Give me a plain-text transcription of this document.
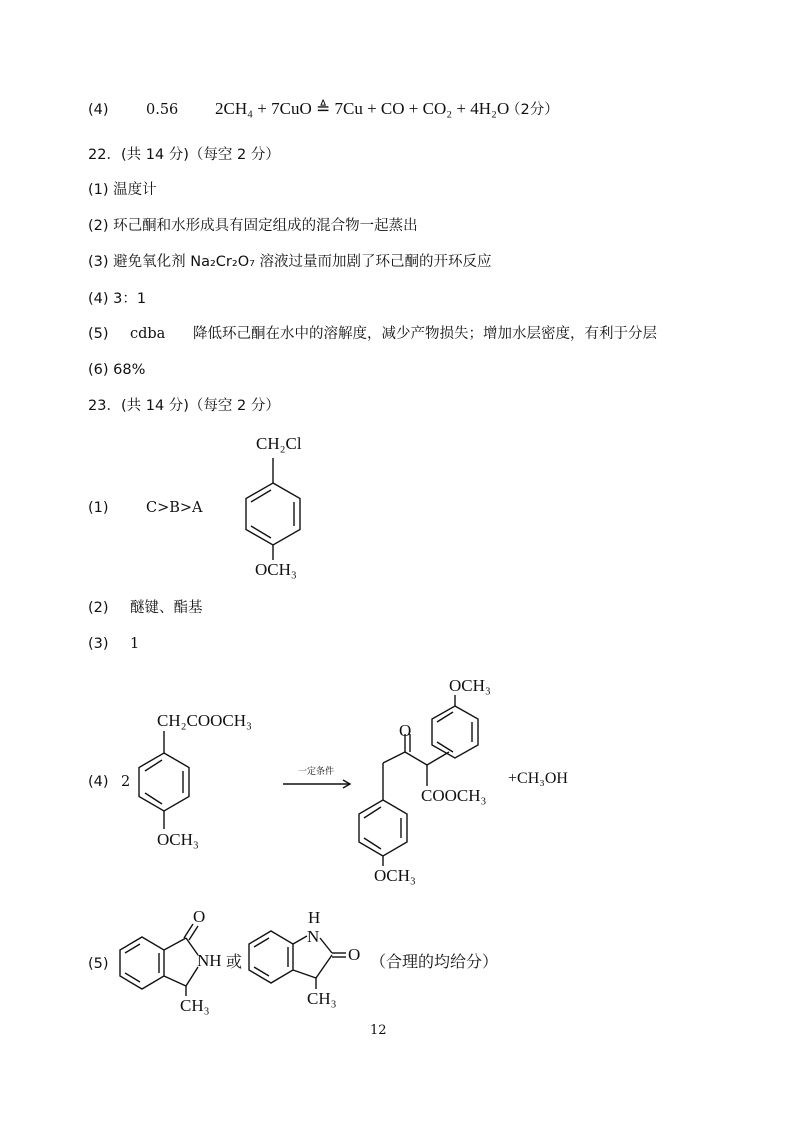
(4)	0.56 2CH₄ + 7CuO ≜ 7Cu + CO + CO₂ + 4H₂O
（2分）
22．(共 14 分)（每空 2 分）
(1) 温度计
(2) 环己酮和水形成具有固定组成的混合物一起蒸出
(3) 避免氧化剂 Na₂Cr₂O₇ 溶液过量而加剧了环己酮的开环反应
(4) 3：1
(5) cdba 降低环己酮在水中的溶解度，减少产物损失；增加水层密度，有利于分层
(6) 68%
23．(共 14 分)（每空 2 分）
(1)	C>B>A
(2) 醚键、酯基
(3) 1
(4) 2
(5)
CH₂Cl
OCH₃
CH₂COOCH₃
OCH₃
一定条件
O
OCH₃
COOCH₃
OCH₃
+CH₃OH
O
NH
CH₃
或
H
N
O
CH₃
（合理的均给分）
12
